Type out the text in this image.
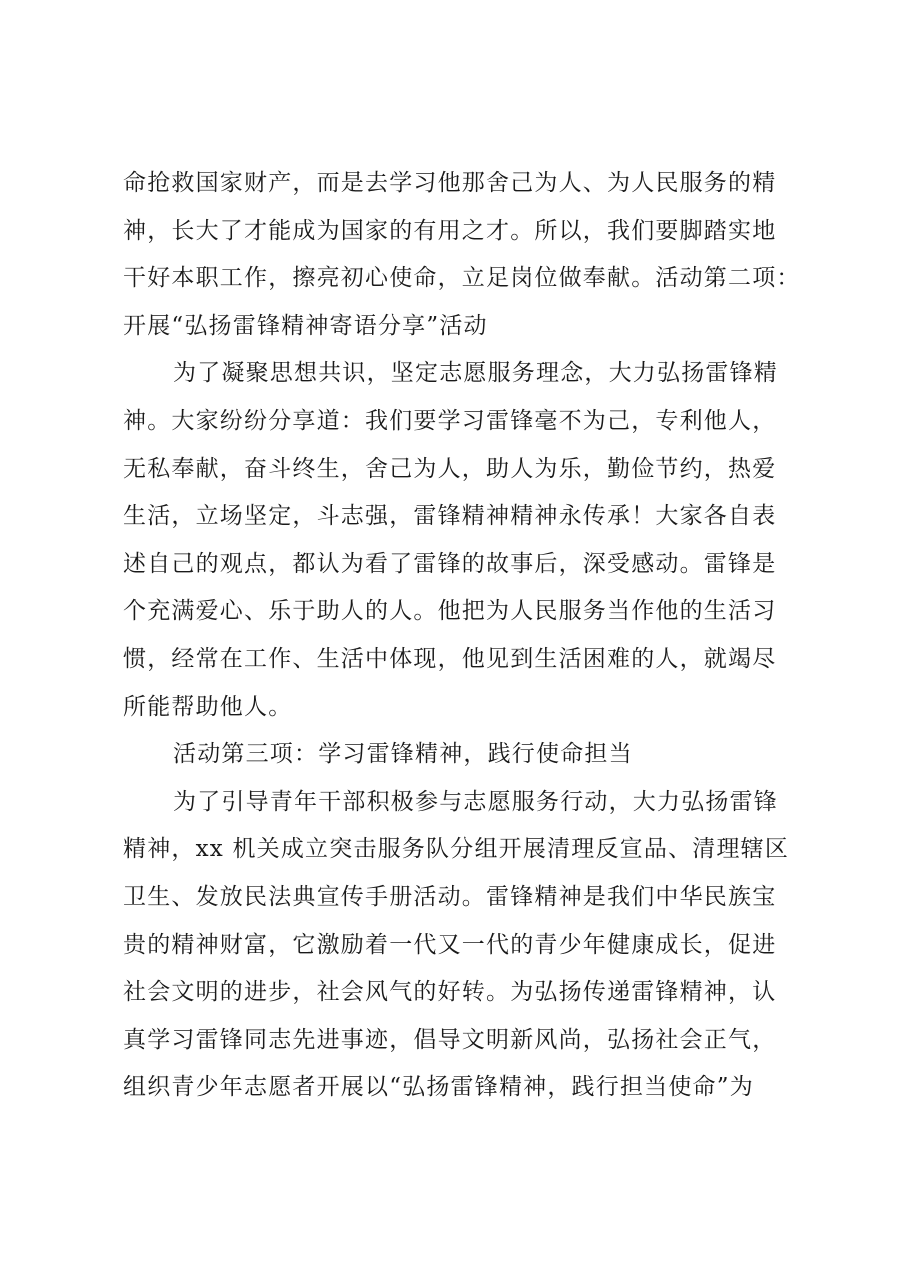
命抢救国家财产，而是去学习他那舍己为人、为人民服务的精
神，长大了才能成为国家的有用之才。所以，我们要脚踏实地
干好本职工作，擦亮初心使命，立足岗位做奉献。活动第二项：
开展“弘扬雷锋精神寄语分享”活动
为了凝聚思想共识，坚定志愿服务理念，大力弘扬雷锋精
神。大家纷纷分享道：我们要学习雷锋毫不为己，专利他人，
无私奉献，奋斗终生，舍己为人，助人为乐，勤俭节约，热爱
生活，立场坚定，斗志强，雷锋精神精神永传承！大家各自表
述自己的观点，都认为看了雷锋的故事后，深受感动。雷锋是
个充满爱心、乐于助人的人。他把为人民服务当作他的生活习
惯，经常在工作、生活中体现，他见到生活困难的人，就竭尽
所能帮助他人。
活动第三项：学习雷锋精神，践行使命担当
为了引导青年干部积极参与志愿服务行动，大力弘扬雷锋
精神，xx 机关成立突击服务队分组开展清理反宣品、清理辖区
卫生、发放民法典宣传手册活动。雷锋精神是我们中华民族宝
贵的精神财富，它激励着一代又一代的青少年健康成长，促进
社会文明的进步，社会风气的好转。为弘扬传递雷锋精神，认
真学习雷锋同志先进事迹，倡导文明新风尚，弘扬社会正气，
组织青少年志愿者开展以“弘扬雷锋精神，践行担当使命”为
